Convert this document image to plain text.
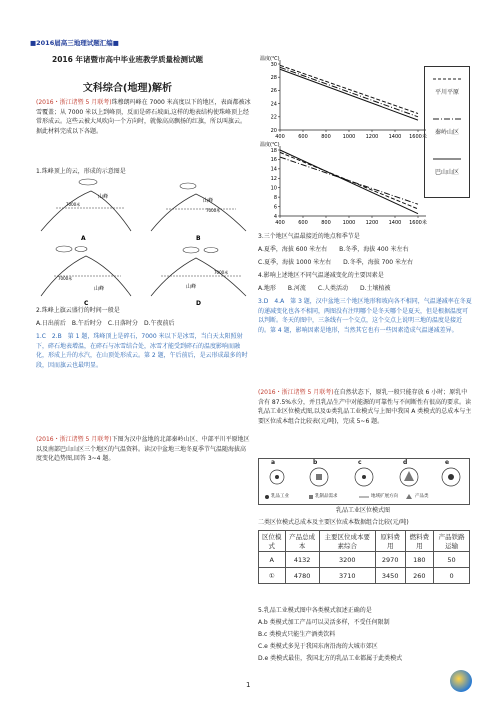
■2016届高三地理试题汇编■
2016 年诸暨市高中毕业班教学质量检测试题
文科综合(地理)解析
(2016・浙江诸暨 5 月联考)珠穆朗玛峰在 7000 米高度以下的地区，表面都被冰雪覆盖；从 7000 米以上到峰顶，反而是碎石坡面,这样的地表结构使珠峰顶上经常形成云。这些云被大风吹向一个方向时，就像高高飘扬的红旗，所以叫旗云。据此材料完成以下各题。
1.珠峰顶上的云，形成的示意图是
山峰
7000米
A
山峰
7000米
B
山峰
7000米
C
山峰
7000米
D
2.珠峰上旗云盛行的时间一般是
A.日出前后　B.午后时分　C.日落时分　D.午夜前后
1.C　2.B　第 1 题，珠峰顶上是碎石，7000 米以下是冰雪，当白天太阳照射下，碎石地表增温，在碎石与冰雪结合处，冰雪才能受到碎石的温度影响而融化，形成上升的水汽，在山顶处形成云。第 2 题，午后前后，是云形成最多的时段，因而旗云也最明显。
(2016・浙江诸暨 5 月联考)下图为汉中盆地的北部秦岭山区、中部平川平原地区以及南部巴山山区三个地区的气温资料。读汉中盆地三地冬夏季节气温随海拔高度变化趋势图,回答 3~4 题。
温度(℃)
400	600	800 1000 1200 1400 1600米
20
22
24
26
28
30
温度(℃)
400	600	800 1000 1200 1400 1600米
4
6
8
10
12
14
16
18
平川平原
秦岭山区
巴山山区
3.三个地区气温最接近的地点和季节是
A.夏季，海拔 600 米左右　　B.冬季，海拔 400 米左右
C.夏季，海拔 1000 米左右　　D.冬季，海拔 700 米左右
4.影响上述地区不同气温递减变化的主要因素是
A.地形　　B.河流　　C.人类活动　　D.土壤植被
3.D　4.A　第 3 题，汉中盆地三个地区地形和坡向各不相同，气温递减率在冬夏的递减变化也各不相同，两图没有注明哪个是冬天哪个是夏天，但是根据温度可以判断。冬天的图中，三条线有一个交点，这个交点上说明三地的温度是接近的。第 4 题，影响因素是地形，当然其它也有一些因素造成气温递减差异。
(2016・浙江诸暨 5 月联考)在自然状态下，原乳一般只能存放 6 小时；原乳中含有 87.5%水分，并且乳品生产中对能源的可靠性与不间断性有很高的要求。读乳品工业区位模式图,以及①类乳品工业模式与上图中我国 A 类模式的总成本与主要区位成本组合比较表(元/吨)，完成 5~6 题。
a	b	c	d	e
乳品工业	乳制品需求	地域扩展方向	产品类
乳品工业区位模式图
二类区位模式总成本及主要区位成本数据组合比较(元/吨)
区位模式	产品总成本	主要区位成本要素综合	原料费用	燃料费用	产品铁路运输
A	4132	3200	2970	180	50
①	4780	3710	3450	260	0
5.乳品工业模式图中各类模式叙述正确的是
A.b 类模式加工产品可以灵活多样，不受任何限制
B.c 类模式只能生产酒类饮料
C.e 类模式多见于我国东南沿海的大城市郊区
D.e 类模式最佳，我国北方的乳品工业都属于此类模式
1
